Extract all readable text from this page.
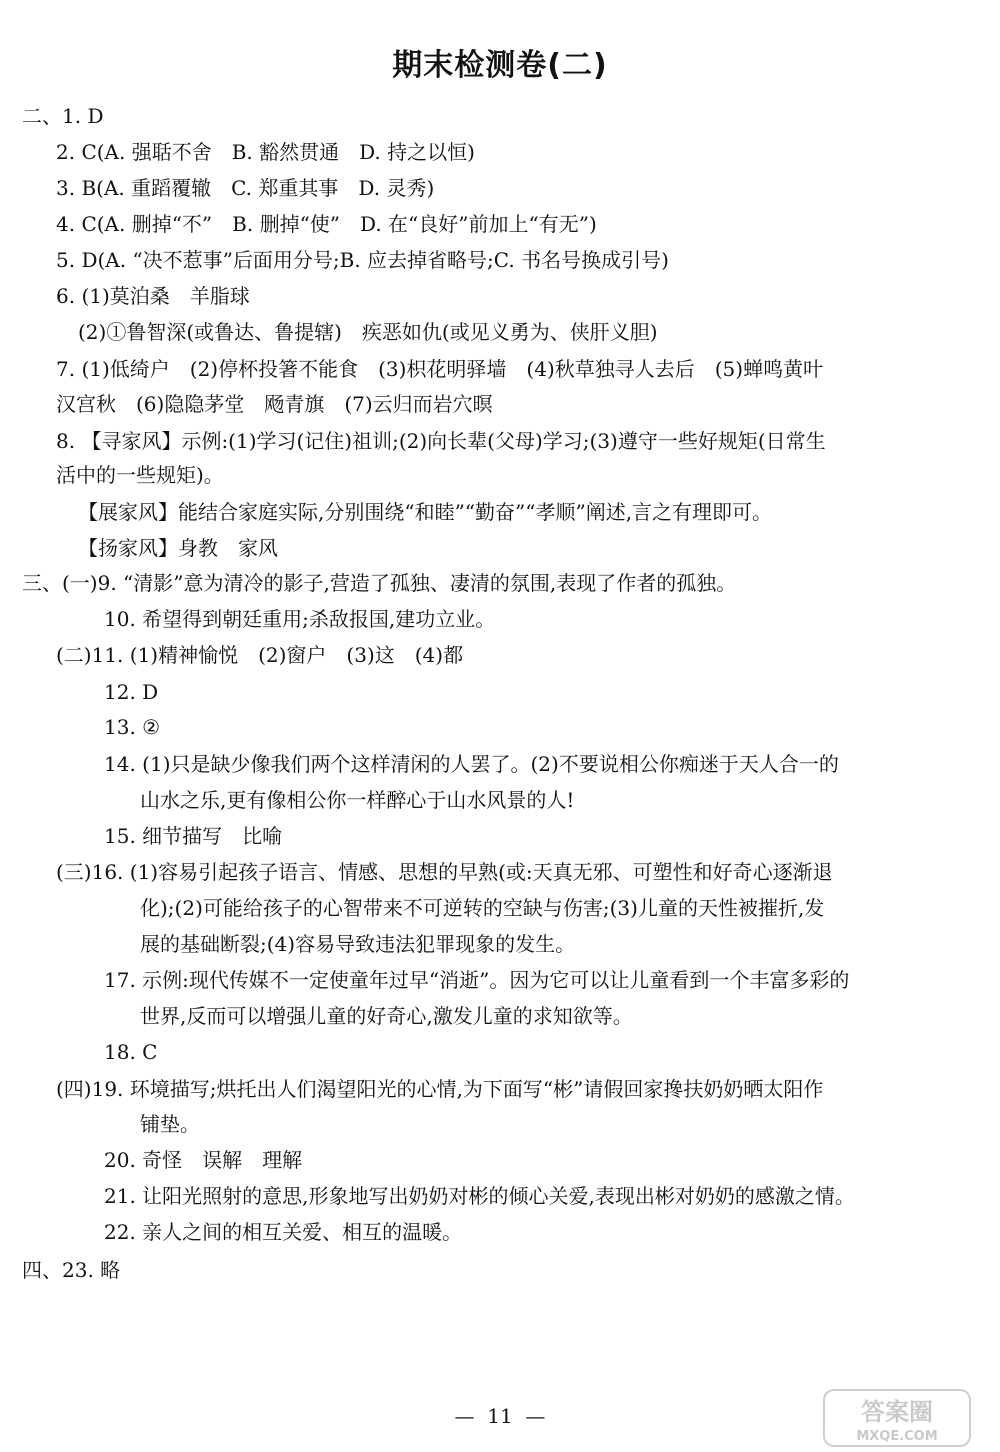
期末检测卷(二)
二、1. D
2. C(A. 强聒不舍　B. 豁然贯通　D. 持之以恒)
3. B(A. 重蹈覆辙　C. 郑重其事　D. 灵秀)
4. C(A. 删掉“不”　B. 删掉“使”　D. 在“良好”前加上“有无”)
5. D(A. “决不惹事”后面用分号;B. 应去掉省略号;C. 书名号换成引号)
6. (1)莫泊桑　羊脂球
(2)①鲁智深(或鲁达、鲁提辖)　疾恶如仇(或见义勇为、侠肝义胆)
7. (1)低绮户　(2)停杯投箸不能食　(3)枳花明驿墙　(4)秋草独寻人去后　(5)蝉鸣黄叶
汉宫秋　(6)隐隐茅堂　飏青旗　(7)云归而岩穴暝
8. 【寻家风】示例:(1)学习(记住)祖训;(2)向长辈(父母)学习;(3)遵守一些好规矩(日常生
活中的一些规矩)。
【展家风】能结合家庭实际,分别围绕“和睦”“勤奋”“孝顺”阐述,言之有理即可。
【扬家风】身教　家风
三、(一)9. “清影”意为清冷的影子,营造了孤独、凄清的氛围,表现了作者的孤独。
10. 希望得到朝廷重用;杀敌报国,建功立业。
(二)11. (1)精神愉悦　(2)窗户　(3)这　(4)都
12. D
13. ②
14. (1)只是缺少像我们两个这样清闲的人罢了。(2)不要说相公你痴迷于天人合一的
山水之乐,更有像相公你一样醉心于山水风景的人!
15. 细节描写　比喻
(三)16. (1)容易引起孩子语言、情感、思想的早熟(或:天真无邪、可塑性和好奇心逐渐退
化);(2)可能给孩子的心智带来不可逆转的空缺与伤害;(3)儿童的天性被摧折,发
展的基础断裂;(4)容易导致违法犯罪现象的发生。
17. 示例:现代传媒不一定使童年过早“消逝”。因为它可以让儿童看到一个丰富多彩的
世界,反而可以增强儿童的好奇心,激发儿童的求知欲等。
18. C
(四)19. 环境描写;烘托出人们渴望阳光的心情,为下面写“彬”请假回家搀扶奶奶晒太阳作
铺垫。
20. 奇怪　误解　理解
21. 让阳光照射的意思,形象地写出奶奶对彬的倾心关爱,表现出彬对奶奶的感激之情。
22. 亲人之间的相互关爱、相互的温暖。
四、23. 略
—  11  —	答案圈
MXQE.COM
